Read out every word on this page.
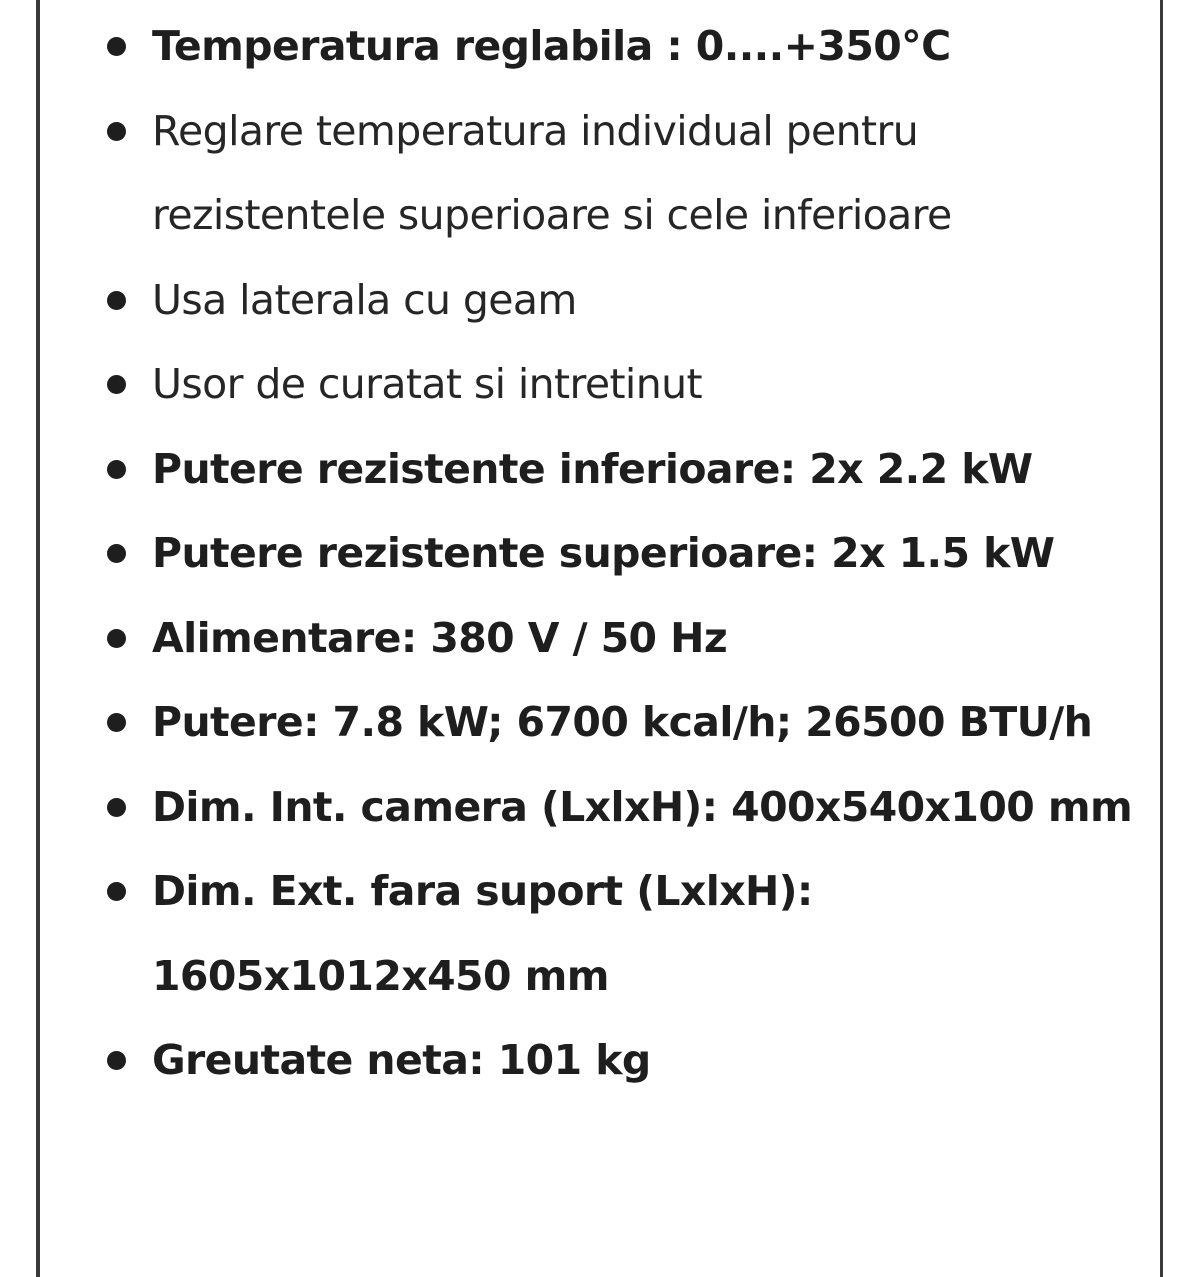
Temperatura reglabila : 0....+350°C
Reglare temperatura individual pentru rezistentele superioare si cele inferioare
Usa laterala cu geam
Usor de curatat si intretinut
Putere rezistente inferioare: 2x 2.2 kW
Putere rezistente superioare: 2x 1.5 kW
Alimentare: 380 V / 50 Hz
Putere: 7.8 kW; 6700 kcal/h; 26500 BTU/h
Dim. Int. camera (LxlxH): 400x540x100 mm
Dim. Ext. fara suport (LxlxH): 1605x1012x450 mm
Greutate neta: 101 kg
